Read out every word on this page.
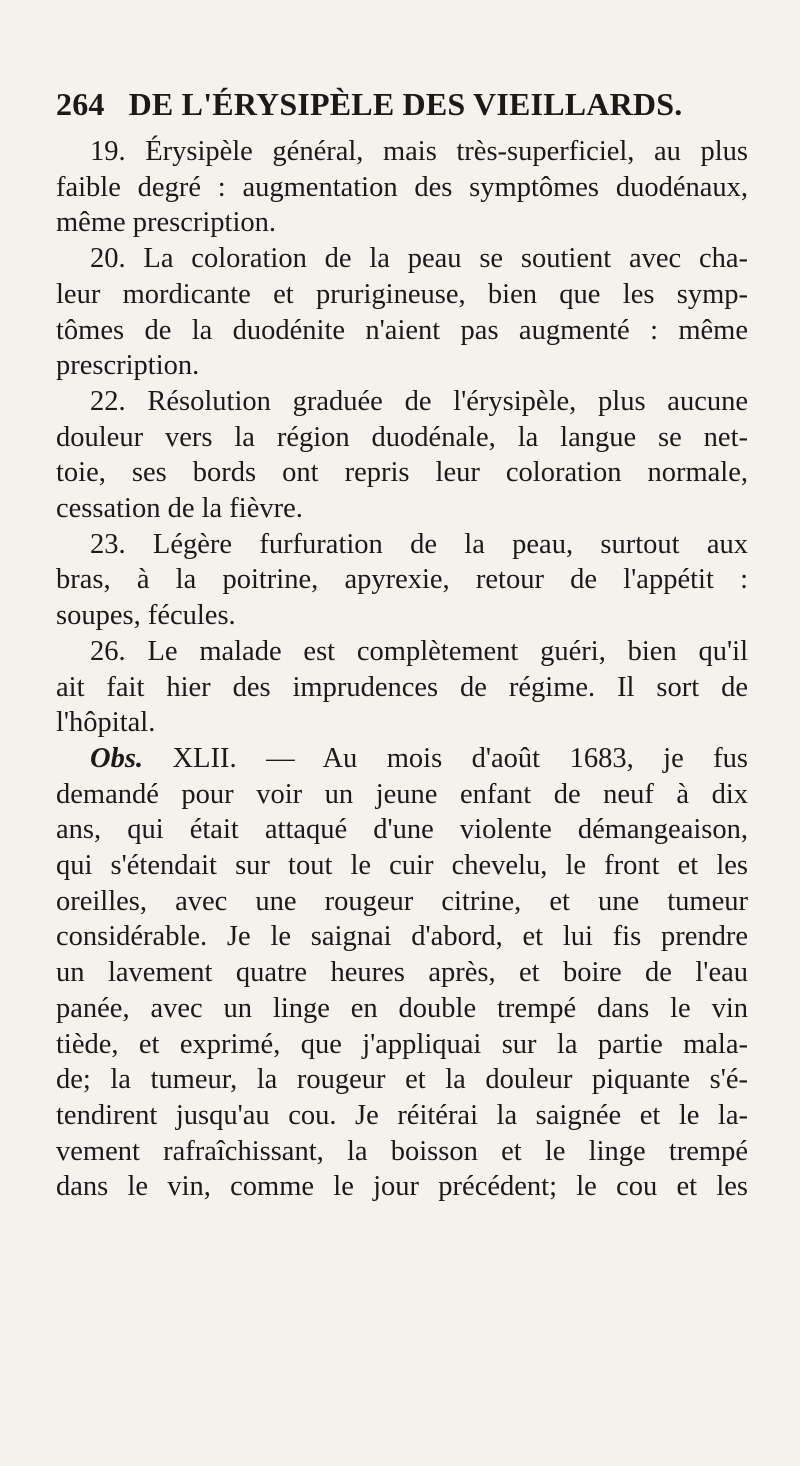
264 DE L'ÉRYSIPÈLE DES VIEILLARDS.
19. Érysipèle général, mais très-superficiel, au plus
faible degré : augmentation des symptômes duodénaux,
même prescription.
20. La coloration de la peau se soutient avec cha-
leur mordicante et prurigineuse, bien que les symp-
tômes de la duodénite n'aient pas augmenté : même
prescription.
22. Résolution graduée de l'érysipèle, plus aucune
douleur vers la région duodénale, la langue se net-
toie, ses bords ont repris leur coloration normale,
cessation de la fièvre.
23. Légère furfuration de la peau, surtout aux
bras, à la poitrine, apyrexie, retour de l'appétit :
soupes, fécules.
26. Le malade est complètement guéri, bien qu'il
ait fait hier des imprudences de régime. Il sort de
l'hôpital.
Obs. XLII. — Au mois d'août 1683, je fus
demandé pour voir un jeune enfant de neuf à dix
ans, qui était attaqué d'une violente démangeaison,
qui s'étendait sur tout le cuir chevelu, le front et les
oreilles, avec une rougeur citrine, et une tumeur
considérable. Je le saignai d'abord, et lui fis prendre
un lavement quatre heures après, et boire de l'eau
panée, avec un linge en double trempé dans le vin
tiède, et exprimé, que j'appliquai sur la partie mala-
de; la tumeur, la rougeur et la douleur piquante s'é-
tendirent jusqu'au cou. Je réitérai la saignée et le la-
vement rafraîchissant, la boisson et le linge trempé
dans le vin, comme le jour précédent; le cou et les
